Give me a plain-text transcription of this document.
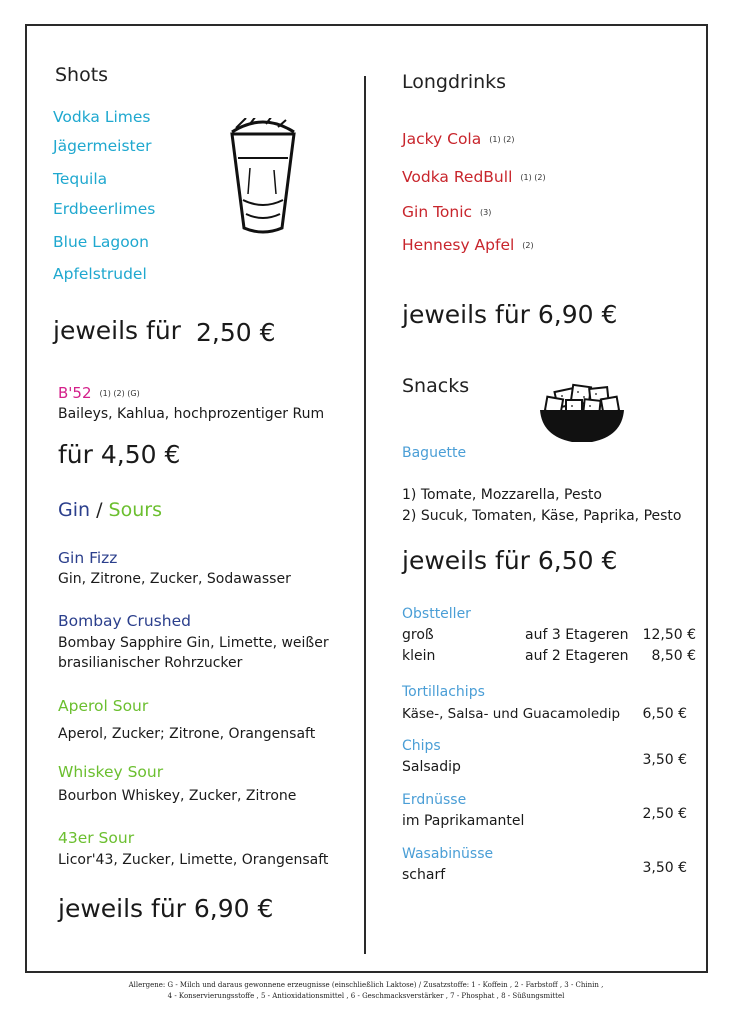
Shots
Vodka Limes
Jägermeister
Tequila
Erdbeerlimes
Blue Lagoon
Apfelstrudel
jeweils für 2,50 €
B'52 (1) (2) (G)
Baileys, Kahlua, hochprozentiger Rum
für 4,50 €
Gin / Sours
Gin Fizz
Gin, Zitrone, Zucker, Sodawasser
Bombay Crushed
Bombay Sapphire Gin, Limette, weißer
brasilianischer Rohrzucker
Aperol Sour
Aperol, Zucker; Zitrone, Orangensaft
Whiskey Sour
Bourbon Whiskey, Zucker, Zitrone
43er Sour
Licor'43, Zucker, Limette, Orangensaft
jeweils für 6,90 €
Longdrinks
Jacky Cola (1) (2)
Vodka RedBull (1) (2)
Gin Tonic (3)
Hennesy Apfel (2)
jeweils für 6,90 €
Snacks
Baguette
1) Tomate, Mozzarella, Pesto
2) Sucuk, Tomaten, Käse, Paprika, Pesto
jeweils für 6,50 €
Obstteller
groß	auf 3 Etageren	12,50 €
klein	auf 2 Etageren	8,50 €
Tortillachips
Käse-, Salsa- und Guacamoledip	6,50 €
Chips
Salsadip	3,50 €
Erdnüsse
im Paprikamantel	2,50 €
Wasabinüsse
scharf	3,50 €
Allergene: G - Milch und daraus gewonnene erzeugnisse (einschließlich Laktose) / Zusatzstoffe: 1 - Koffein , 2 - Farbstoff , 3 - Chinin ,
4 - Konservierungsstoffe , 5 - Antioxidationsmittel , 6 - Geschmacksverstärker , 7 - Phosphat , 8 - Süßungsmittel
